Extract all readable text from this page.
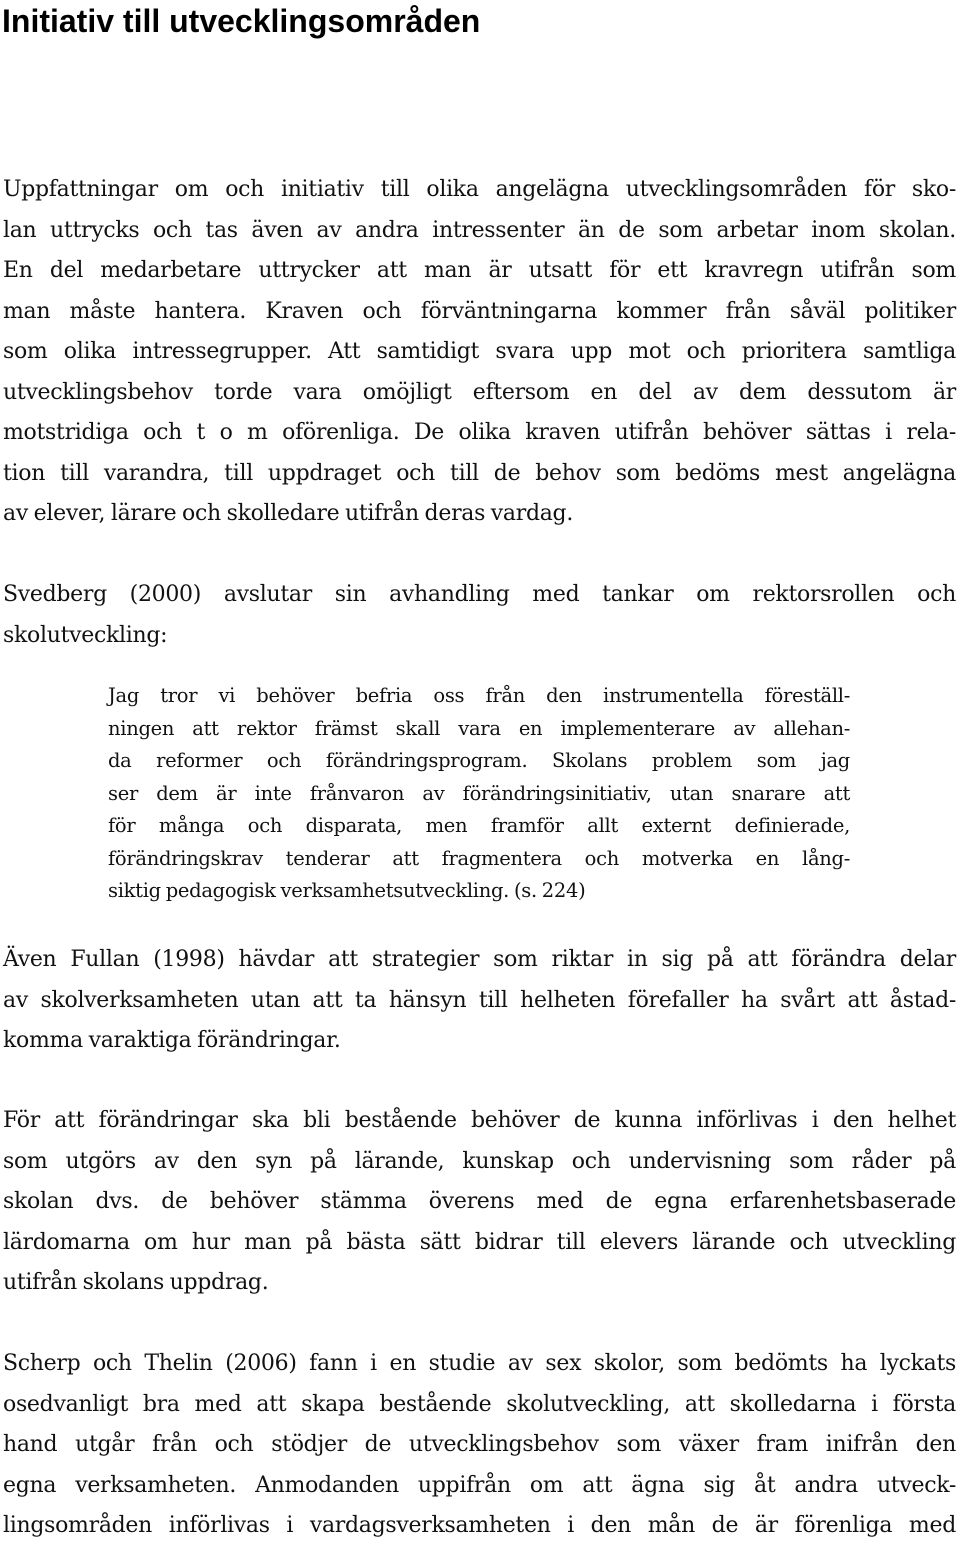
Initiativ till utvecklingsområden

Uppfattningar om och initiativ till olika angelägna utvecklingsområden för sko-
lan uttrycks och tas även av andra intressenter än de som arbetar inom skolan.
En del medarbetare uttrycker att man är utsatt för ett kravregn utifrån som
man måste hantera. Kraven och förväntningarna kommer från såväl politiker
som olika intressegrupper. Att samtidigt svara upp mot och prioritera samtliga
utvecklingsbehov torde vara omöjligt eftersom en del av dem dessutom är
motstridiga och t o m oförenliga. De olika kraven utifrån behöver sättas i rela-
tion till varandra, till uppdraget och till de behov som bedöms mest angelägna
av elever, lärare och skolledare utifrån deras vardag.

Svedberg (2000) avslutar sin avhandling med tankar om rektorsrollen och
skolutveckling:

Jag tror vi behöver befria oss från den instrumentella föreställ-
ningen att rektor främst skall vara en implementerare av allehan-
da reformer och förändringsprogram. Skolans problem som jag
ser dem är inte frånvaron av förändringsinitiativ, utan snarare att
för många och disparata, men framför allt externt definierade,
förändringskrav tenderar att fragmentera och motverka en lång-
siktig pedagogisk verksamhetsutveckling. (s. 224)

Även Fullan (1998) hävdar att strategier som riktar in sig på att förändra delar
av skolverksamheten utan att ta hänsyn till helheten förefaller ha svårt att åstad-
komma varaktiga förändringar.

För att förändringar ska bli bestående behöver de kunna införlivas i den helhet
som utgörs av den syn på lärande, kunskap och undervisning som råder på
skolan dvs. de behöver stämma överens med de egna erfarenhetsbaserade
lärdomarna om hur man på bästa sätt bidrar till elevers lärande och utveckling
utifrån skolans uppdrag.

Scherp och Thelin (2006) fann i en studie av sex skolor, som bedömts ha lyckats
osedvanligt bra med att skapa bestående skolutveckling, att skolledarna i första
hand utgår från och stödjer de utvecklingsbehov som växer fram inifrån den
egna verksamheten. Anmodanden uppifrån om att ägna sig åt andra utveck-
lingsområden införlivas i vardagsverksamheten i den mån de är förenliga med
